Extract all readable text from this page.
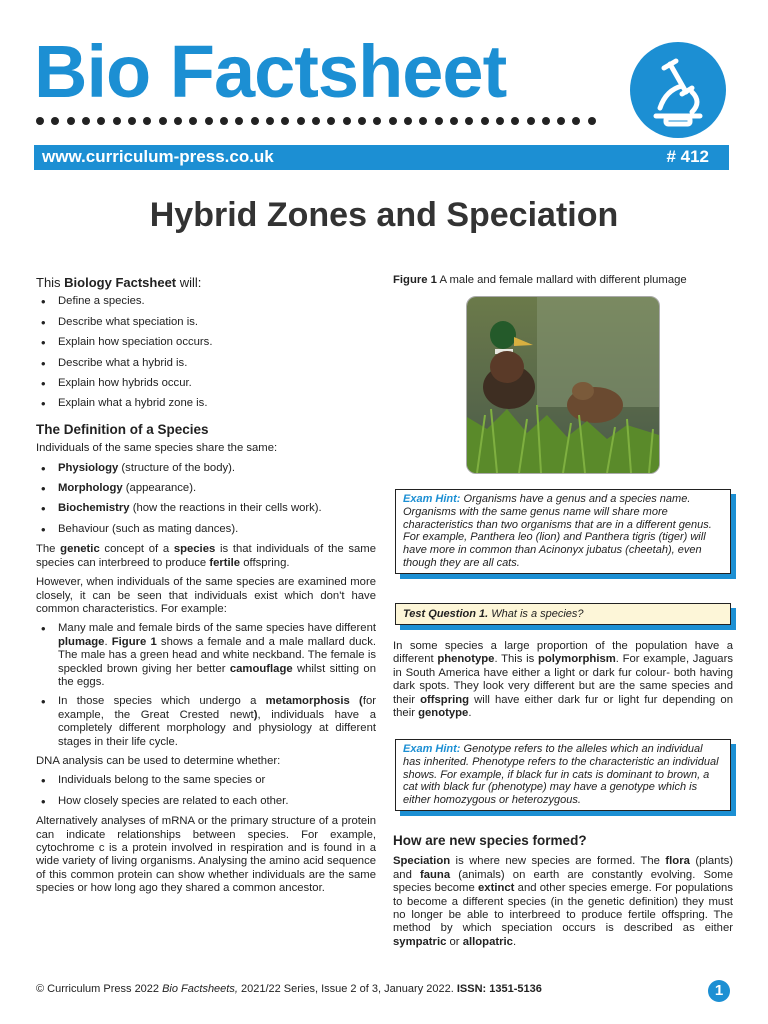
Bio Factsheet
www.curriculum-press.co.uk	# 412
Hybrid Zones and Speciation

This Biology Factsheet will:

• Define a species.
• Describe what speciation is.
• Explain how speciation occurs.
• Describe what a hybrid is.
• Explain how hybrids occur.
• Explain what a hybrid zone is.
The Definition of a Species

Individuals of the same species share the same:

• Physiology (structure of the body).
• Morphology (appearance).
• Biochemistry (how the reactions in their cells work).
• Behaviour (such as mating dances).

The genetic concept of a species is that individuals of the same species can interbreed to produce fertile offspring.

However, when individuals of the same species are examined more closely, it can be seen that individuals exist which don't have common characteristics. For example:

• Many male and female birds of the same species have different plumage. Figure 1 shows a female and a male mallard duck. The male has a green head and white neckband. The female is speckled brown giving her better camouflage whilst sitting on the eggs.
• In those species which undergo a metamorphosis (for example, the Great Crested newt), individuals have a completely different morphology and physiology at different stages in their life cycle.

DNA analysis can be used to determine whether:

• Individuals belong to the same species or
• How closely species are related to each other.

Alternatively analyses of mRNA or the primary structure of a protein can indicate relationships between species. For example, cytochrome c is a protein involved in respiration and is found in a wide variety of living organisms. Analysing the amino acid sequence of this common protein can show whether individuals are the same species or how long ago they shared a common ancestor.

Figure 1 A male and female mallard with different plumage

Exam Hint: Organisms have a genus and a species name. Organisms with the same genus name will share more characteristics than two organisms that are in a different genus. For example, Panthera leo (lion) and Panthera tigris (tiger) will have more in common than Acinonyx jubatus (cheetah), even though they are all cats.
Test Question 1. What is a species?
In some species a large proportion of the population have a different phenotype. This is polymorphism. For example, Jaguars in South America have either a light or dark fur colour- both having dark spots. They look very different but are the same species and their offspring will have either dark fur or light fur depending on their genotype.
Exam Hint: Genotype refers to the alleles which an individual has inherited. Phenotype refers to the characteristic an individual shows. For example, if black fur in cats is dominant to brown, a cat with black fur (phenotype) may have a genotype which is either homozygous or heterozygous.
How are new species formed?

Speciation is where new species are formed. The flora (plants) and fauna (animals) on earth are constantly evolving. Some species become extinct and other species emerge. For populations to become a different species (in the genetic definition) they must no longer be able to interbreed to produce fertile offspring. The method by which speciation occurs is described as either sympatric or allopatric.

© Curriculum Press 2022 Bio Factsheets, 2021/22 Series, Issue 2 of 3, January 2022. ISSN: 1351-5136	1
